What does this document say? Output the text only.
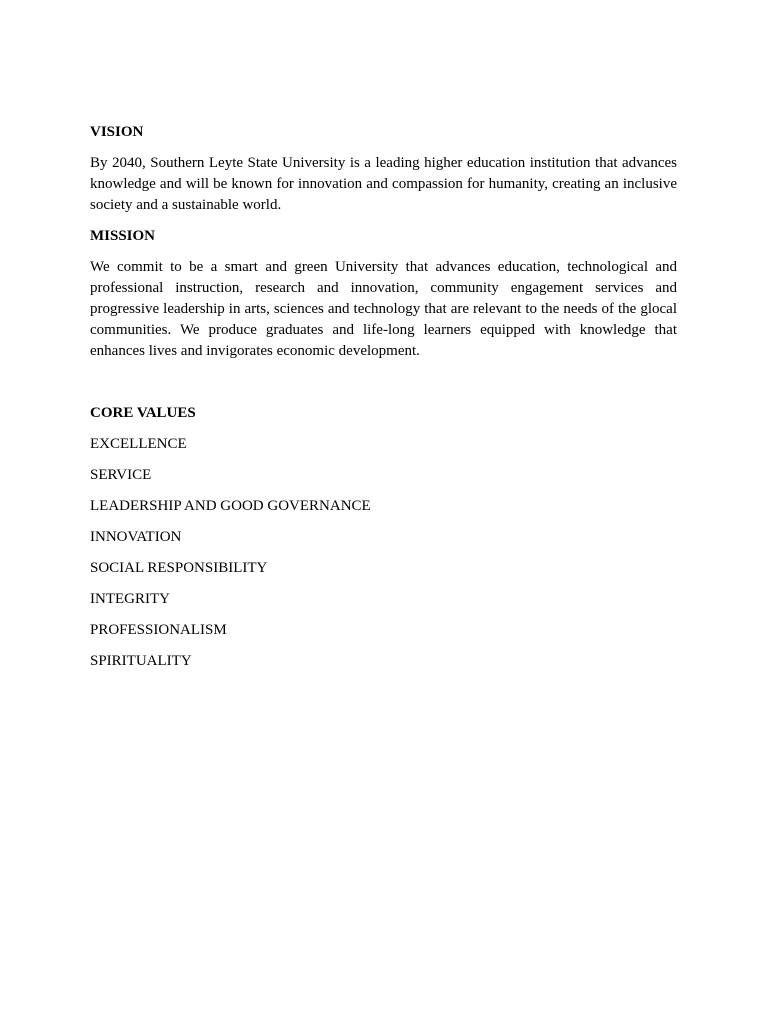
VISION
By 2040, Southern Leyte State University is a leading higher education institution that advances knowledge and will be known for innovation and compassion for humanity, creating an inclusive society and a sustainable world.
MISSION
We commit to be a smart and green University that advances education, technological and professional instruction, research and innovation, community engagement services and progressive leadership in arts, sciences and technology that are relevant to the needs of the glocal communities. We produce graduates and life-long learners equipped with knowledge that enhances lives and invigorates economic development.
CORE VALUES
EXCELLENCE
SERVICE
LEADERSHIP AND GOOD GOVERNANCE
INNOVATION
SOCIAL RESPONSIBILITY
INTEGRITY
PROFESSIONALISM
SPIRITUALITY
